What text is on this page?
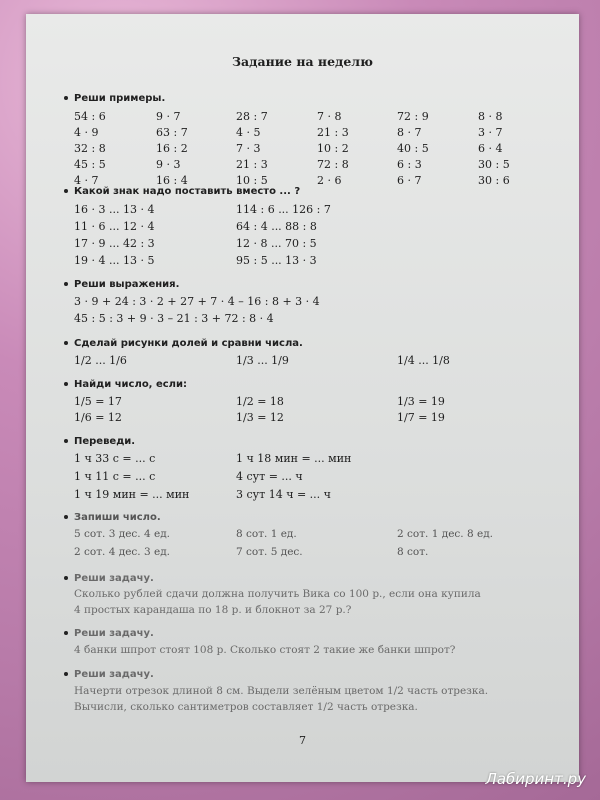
Задание на неделю
Реши примеры.
54 : 6	9 · 7	28 : 7	7 · 8	72 : 9	8 · 8
4 · 9	63 : 7	4 · 5	21 : 3	8 · 7	3 · 7
32 : 8	16 : 2	7 · 3	10 : 2	40 : 5	6 · 4
45 : 5	9 · 3	21 : 3	72 : 8	6 : 3	30 : 5
4 · 7	16 : 4	10 : 5	2 · 6	6 · 7	30 : 6
Какой знак надо поставить вместо ... ?
16 · 3 ... 13 · 4	114 : 6 ... 126 : 7
11 · 6 ... 12 · 4	64 : 4 ... 88 : 8
17 · 9 ... 42 : 3	12 · 8 ... 70 : 5
19 · 4 ... 13 · 5	95 : 5 ... 13 · 3
Реши выражения.
3 · 9 + 24 : 3 · 2 + 27 + 7 · 4 – 16 : 8 + 3 · 4
45 : 5 : 3 + 9 · 3 – 21 : 3 + 72 : 8 · 4
Сделай рисунки долей и сравни числа.
1/2 ... 1/6	1/3 ... 1/9	1/4 ... 1/8
Найди число, если:
1/5 = 17	1/2 = 18	1/3 = 19
1/6 = 12	1/3 = 12	1/7 = 19
Переведи.
1 ч 33 с = ... с	1 ч 18 мин = ... мин
1 ч 11 с = ... с	4 сут = ... ч
1 ч 19 мин = ... мин	3 сут 14 ч = ... ч
Запиши число.
5 сот. 3 дес. 4 ед.	8 сот. 1 ед.	2 сот. 1 дес. 8 ед.
2 сот. 4 дес. 3 ед.	7 сот. 5 дес.	8 сот.
Реши задачу.
Сколько рублей сдачи должна получить Вика со 100 р., если она купила
4 простых карандаша по 18 р. и блокнот за 27 р.?
Реши задачу.
4 банки шпрот стоят 108 р. Сколько стоят 2 такие же банки шпрот?
Реши задачу.
Начерти отрезок длиной 8 см. Выдели зелёным цветом 1/2 часть отрезка.
Вычисли, сколько сантиметров составляет 1/2 часть отрезка.
7
Лабиринт.ру
